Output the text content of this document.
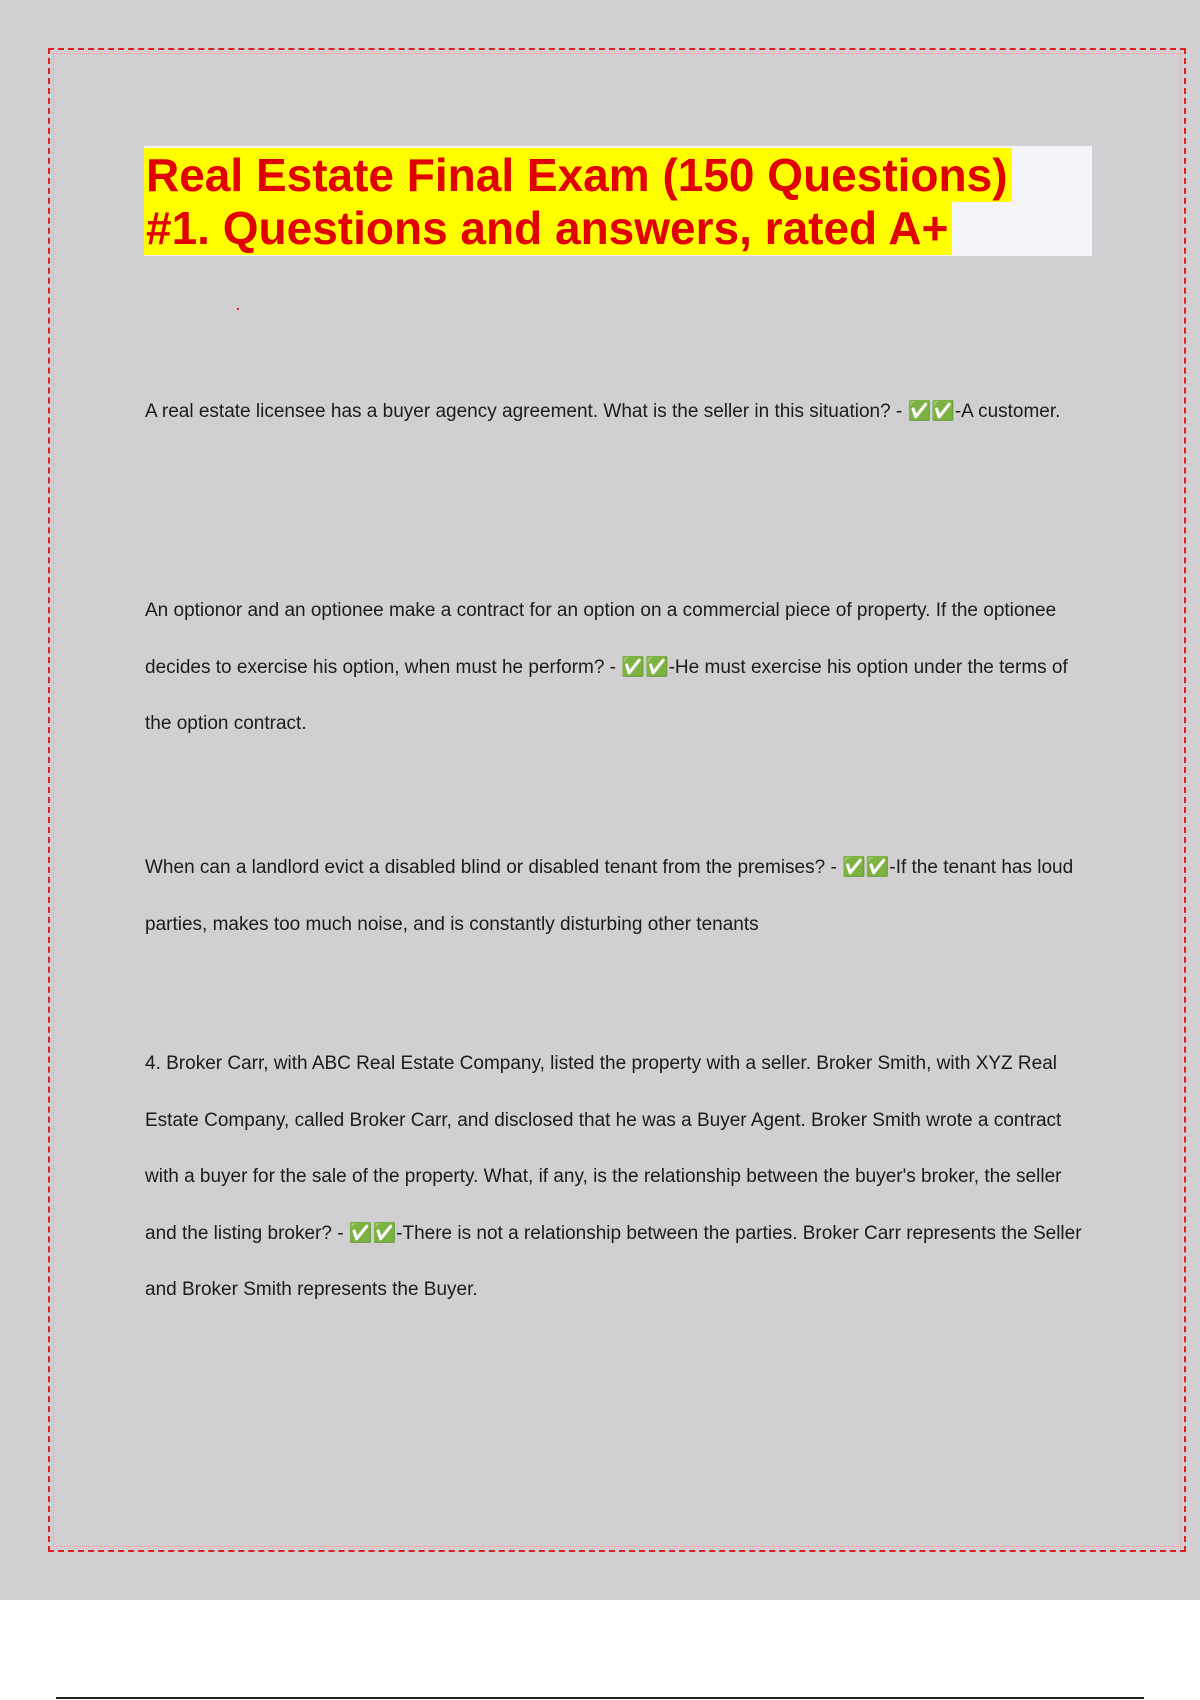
Real Estate Final Exam (150 Questions)
#1. Questions and answers, rated A+

A real estate licensee has a buyer agency agreement. What is the seller in this situation? - ✅✅-A customer.

An optionor and an optionee make a contract for an option on a commercial piece of property. If the optionee decides to exercise his option, when must he perform? - ✅✅-He must exercise his option under the terms of the option contract.

When can a landlord evict a disabled blind or disabled tenant from the premises? - ✅✅-If the tenant has loud parties, makes too much noise, and is constantly disturbing other tenants

4. Broker Carr, with ABC Real Estate Company, listed the property with a seller. Broker Smith, with XYZ Real Estate Company, called Broker Carr, and disclosed that he was a Buyer Agent. Broker Smith wrote a contract with a buyer for the sale of the property. What, if any, is the relationship between the buyer's broker, the seller and the listing broker? - ✅✅-There is not a relationship between the parties. Broker Carr represents the Seller and Broker Smith represents the Buyer.
